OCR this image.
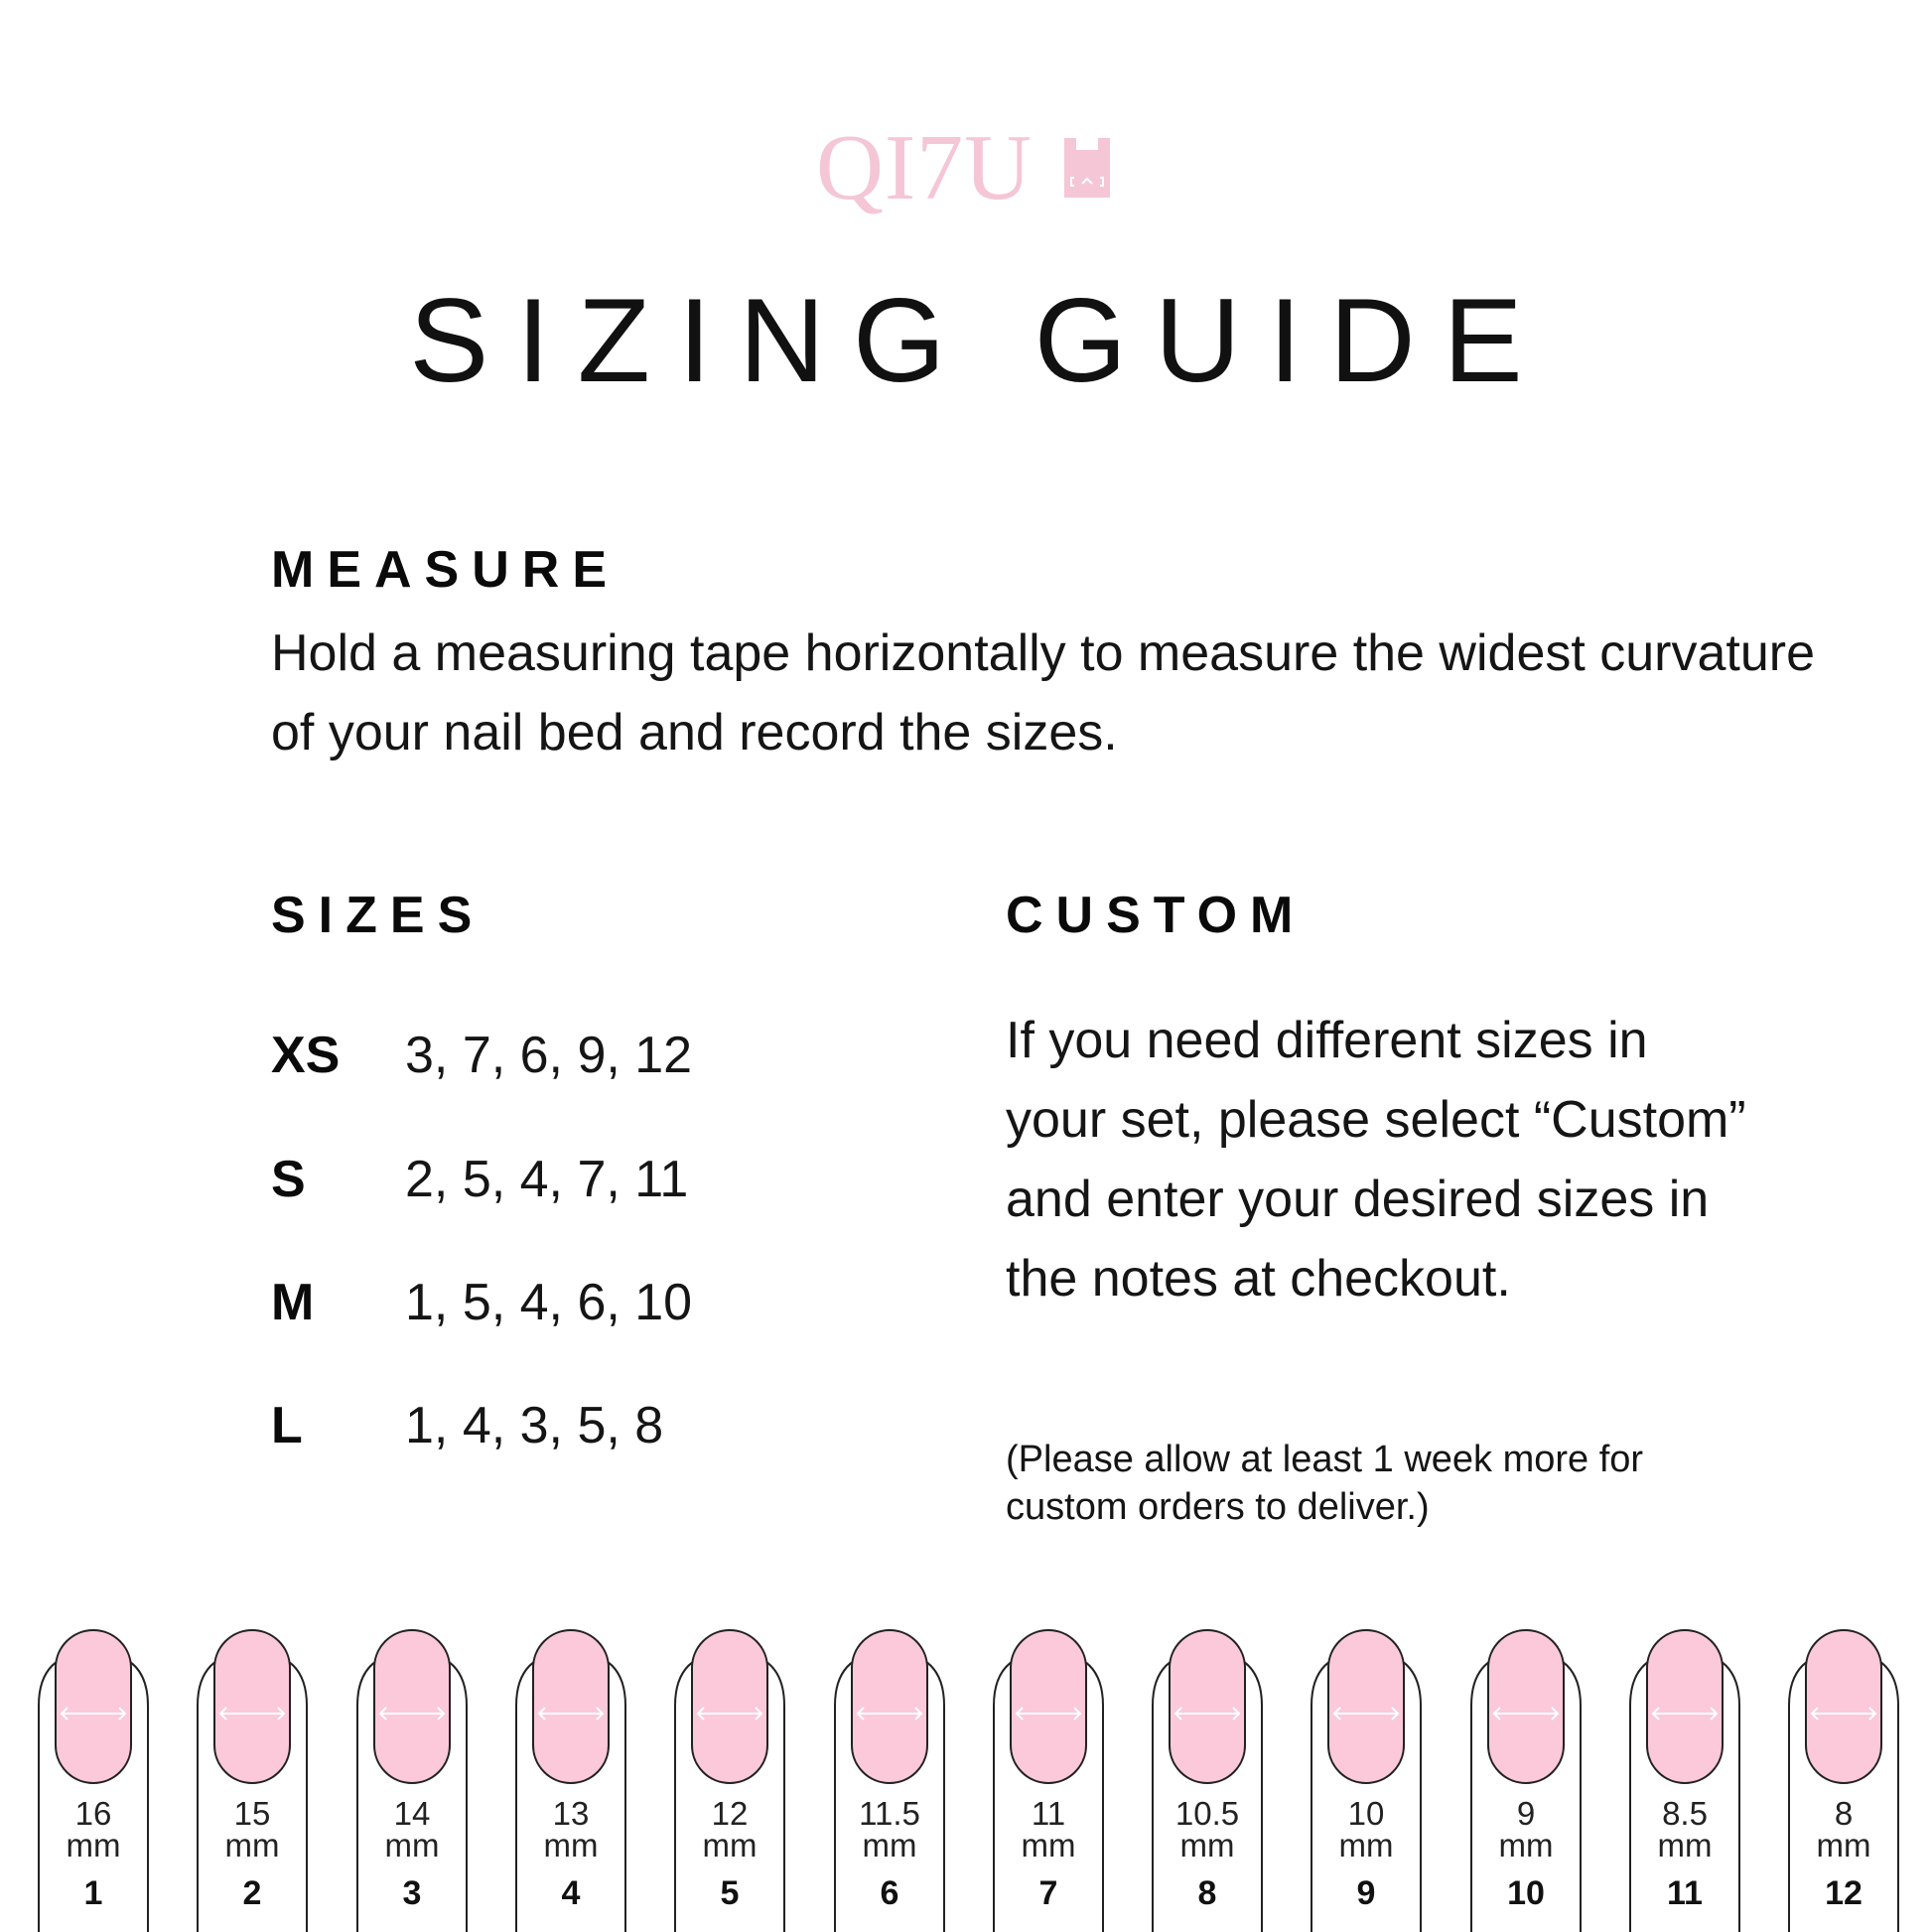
QI7U
SIZING GUIDE
MEASURE
Hold a measuring tape horizontally to measure the widest curvature of your nail bed and record the sizes.
SIZES
XS	3, 7, 6, 9, 12
S	2, 5, 4, 7, 11
M	1, 5, 4, 6, 10
L	1, 4, 3, 5, 8
CUSTOM
If you need different sizes in your set, please select “Custom” and enter your desired sizes in the notes at checkout.
(Please allow at least 1 week more for custom orders to deliver.)
16
mm
1
15
mm
2
14
mm
3
13
mm
4
12
mm
5
11.5
mm
6
11
mm
7
10.5
mm
8
10
mm
9
9
mm
10
8.5
mm
11
8
mm
12
